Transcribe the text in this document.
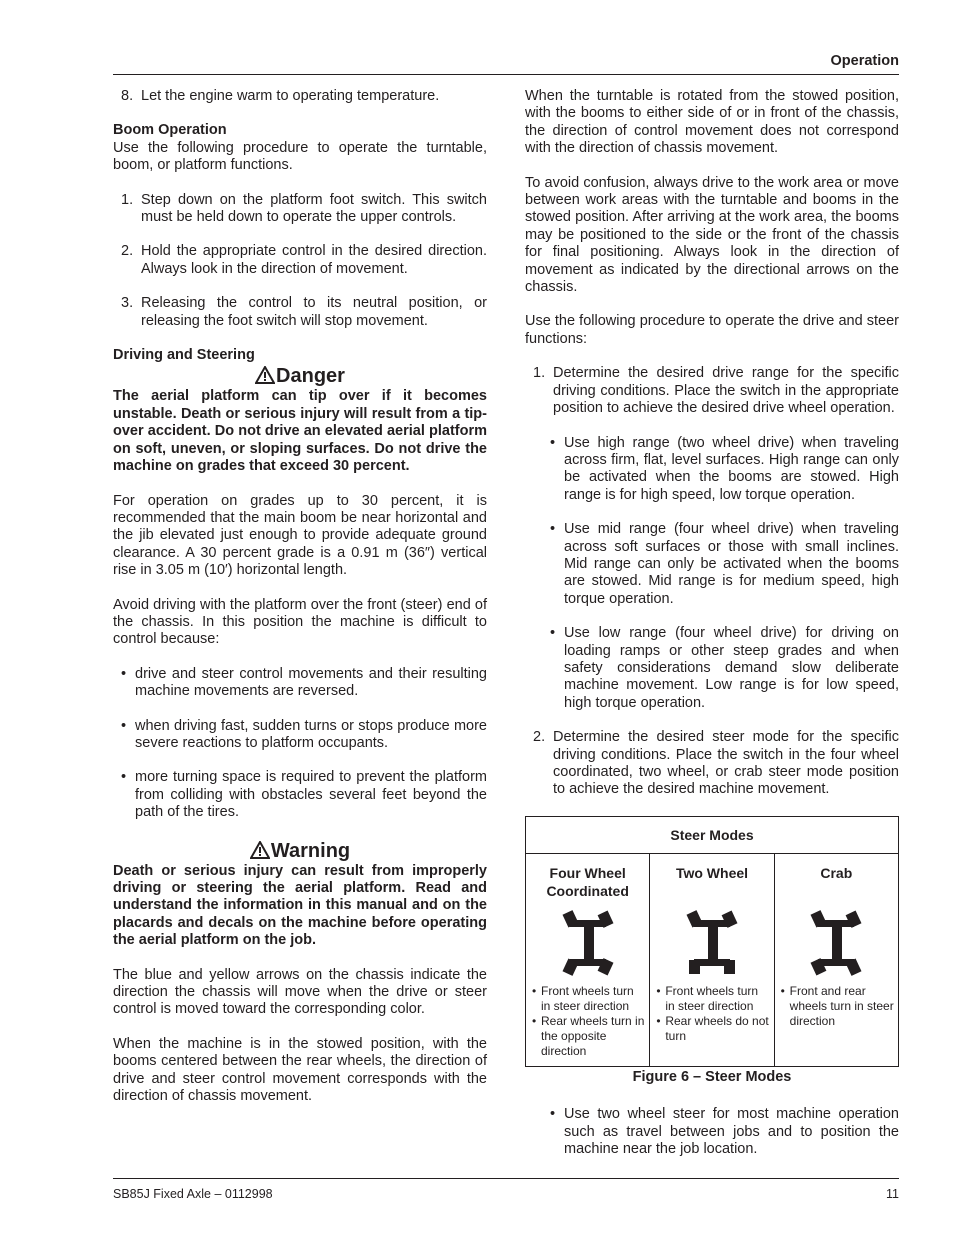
Operation
8. Let the engine warm to operating temperature.

Boom Operation

Use the following procedure to operate the turntable, boom, or platform functions.

1. Step down on the platform foot switch. This switch must be held down to operate the upper controls.
2. Hold the appropriate control in the desired direction. Always look in the direction of movement.
3. Releasing the control to its neutral position, or releasing the foot switch will stop movement.

Driving and Steering

Danger

The aerial platform can tip over if it becomes unstable. Death or serious injury will result from a tip-over accident. Do not drive an elevated aerial platform on soft, uneven, or sloping surfaces. Do not drive the machine on grades that exceed 30 percent.

For operation on grades up to 30 percent, it is recommended that the main boom be near horizontal and the jib elevated just enough to provide adequate ground clearance. A 30 percent grade is a 0.91 m (36″) vertical rise in 3.05 m (10′) horizontal length.

Avoid driving with the platform over the front (steer) end of the chassis. In this position the machine is difficult to control because:

• drive and steer control movements and their resulting machine movements are reversed.
• when driving fast, sudden turns or stops produce more severe reactions to platform occupants.
• more turning space is required to prevent the platform from colliding with obstacles several feet beyond the path of the tires.
Warning

Death or serious injury can result from improperly driving or steering the aerial platform. Read and understand the information in this manual and on the placards and decals on the machine before operating the aerial platform on the job.

The blue and yellow arrows on the chassis indicate the direction the chassis will move when the drive or steer control is moved toward the corresponding color.

When the machine is in the stowed position, with the booms centered between the rear wheels, the direction of drive and steer control movement corresponds with the direction of chassis movement.

When the turntable is rotated from the stowed position, with the booms to either side of or in front of the chassis, the direction of control movement does not correspond with the direction of chassis movement.

To avoid confusion, always drive to the work area or move between work areas with the turntable and booms in the stowed position. After arriving at the work area, the booms may be positioned to the side or the front of the chassis for final positioning. Always look in the direction of movement as indicated by the directional arrows on the chassis.

Use the following procedure to operate the drive and steer functions:

1. Determine the desired drive range for the specific driving conditions. Place the switch in the appropriate position to achieve the desired drive wheel operation.
• Use high range (two wheel drive) when traveling across firm, flat, level surfaces. High range can only be activated when the booms are stowed. High range is for high speed, low torque operation.
• Use mid range (four wheel drive) when traveling across soft surfaces or those with small inclines. Mid range can only be activated when the booms are stowed. Mid range is for medium speed, high torque operation.
• Use low range (four wheel drive) for driving on loading ramps or other steep grades and when safety considerations demand slow deliberate machine movement. Low range is for low speed, high torque operation.
2. Determine the desired steer mode for the specific driving conditions. Place the switch in the four wheel coordinated, two wheel, or crab steer mode position to achieve the desired machine movement.
Steer Modes
Four Wheel Coordinated
• Front wheels turn in steer direction
• Rear wheels turn in the opposite direction
Two Wheel
• Front wheels turn in steer direction
• Rear wheels do not turn
Crab
• Front and rear wheels turn in steer direction
Figure 6 – Steer Modes
• Use two wheel steer for most machine operation such as travel between jobs and to position the machine near the job location.
SB85J Fixed Axle – 0112998	11
